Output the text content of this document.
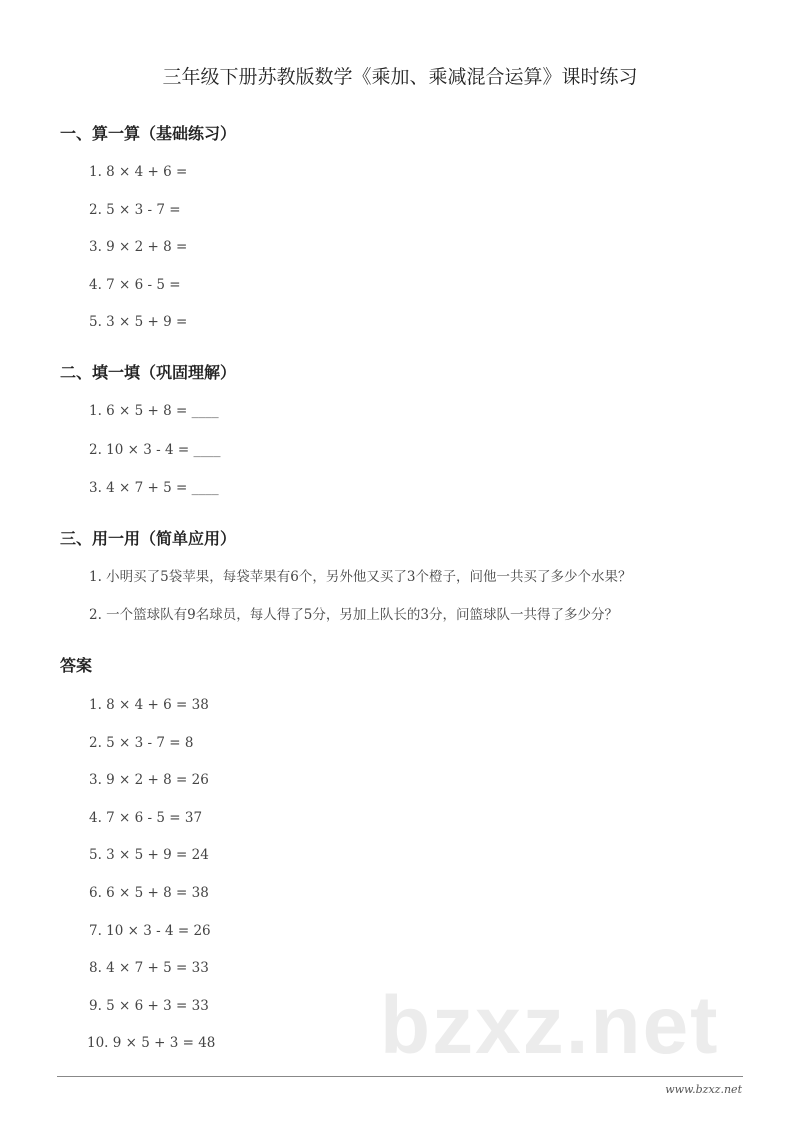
三年级下册苏教版数学《乘加、乘减混合运算》课时练习
一、算一算（基础练习）
1. 8 × 4 + 6 =
2. 5 × 3 - 7 =
3. 9 × 2 + 8 =
4. 7 × 6 - 5 =
5. 3 × 5 + 9 =
二、填一填（巩固理解）
1. 6 × 5 + 8 = ____
2. 10 × 3 - 4 = ____
3. 4 × 7 + 5 = ____
三、用一用（简单应用）
1. 小明买了5袋苹果，每袋苹果有6个，另外他又买了3个橙子，问他一共买了多少个水果？
2. 一个篮球队有9名球员，每人得了5分，另加上队长的3分，问篮球队一共得了多少分？
答案
1. 8 × 4 + 6 = 38
2. 5 × 3 - 7 = 8
3. 9 × 2 + 8 = 26
4. 7 × 6 - 5 = 37
5. 3 × 5 + 9 = 24
6. 6 × 5 + 8 = 38
7. 10 × 3 - 4 = 26
8. 4 × 7 + 5 = 33
bzxz.net
9. 5 × 6 + 3 = 33
10. 9 × 5 + 3 = 48
www.bzxz.net
